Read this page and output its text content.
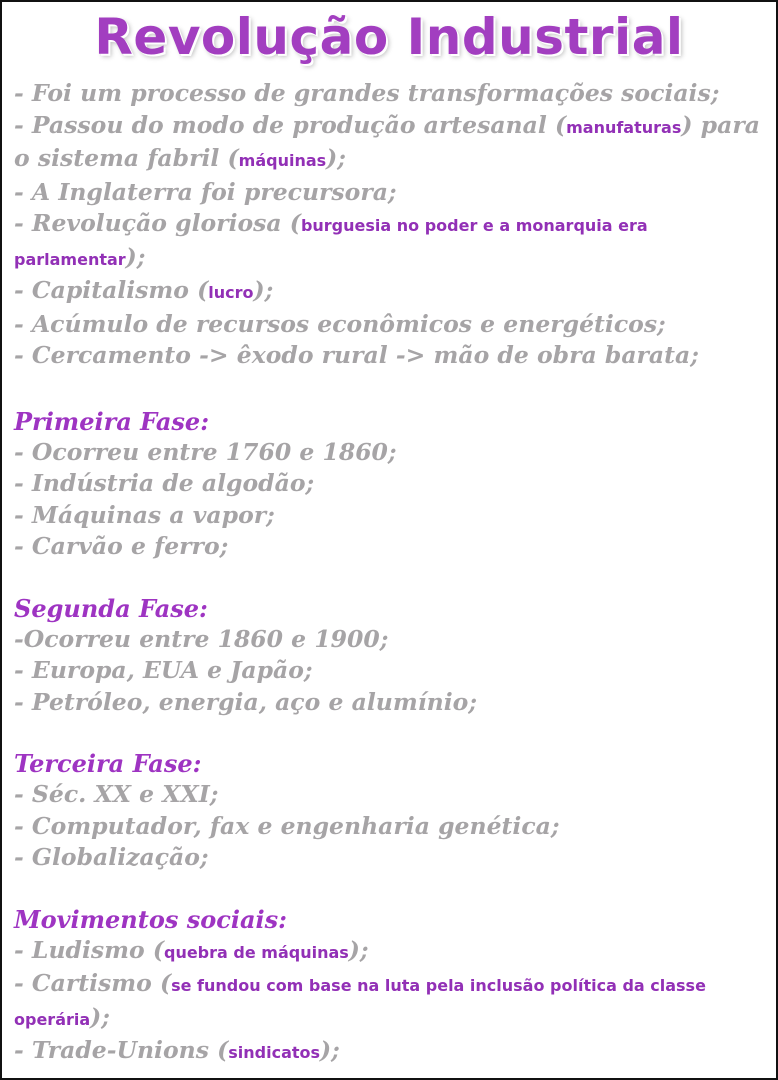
Revolução Industrial
- Foi um processo de grandes transformações sociais;
- Passou do modo de produção artesanal (manufaturas) para
o sistema fabril (máquinas);
- A Inglaterra foi precursora;
- Revolução gloriosa (burguesia no poder e a monarquia era
parlamentar);
- Capitalismo (lucro);
- Acúmulo de recursos econômicos e energéticos;
- Cercamento -> êxodo rural -> mão de obra barata;
Primeira Fase:
- Ocorreu entre 1760 e 1860;
- Indústria de algodão;
- Máquinas a vapor;
- Carvão e ferro;
Segunda Fase:
-Ocorreu entre 1860 e 1900;
- Europa, EUA e Japão;
- Petróleo, energia, aço e alumínio;
Terceira Fase:
- Séc. XX e XXI;
- Computador, fax e engenharia genética;
- Globalização;
Movimentos sociais:
- Ludismo (quebra de máquinas);
- Cartismo (se fundou com base na luta pela inclusão política da classe
operária);
- Trade-Unions (sindicatos);
